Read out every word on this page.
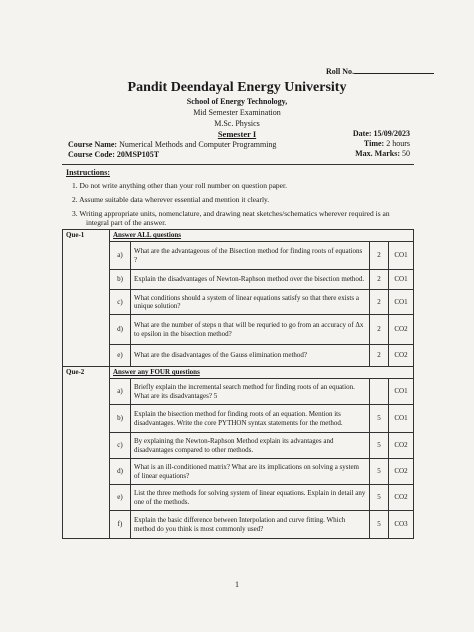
Roll No.
Pandit Deendayal Energy University
School of Energy Technology,
Mid Semester Examination
M.Sc. Physics
Semester I
Course Name: Numerical Methods and Computer Programming
Course Code: 20MSP105T
Date: 15/09/2023
Time: 2 hours
Max. Marks: 50
Instructions:
1. Do not write anything other than your roll number on question paper.
2. Assume suitable data wherever essential and mention it clearly.
3. Writing appropriate units, nomenclature, and drawing neat sketches/schematics wherever required is an integral part of the answer.
Que-1	Answer ALL questions			
	a)	What are the advantageous of the Bisection method for finding roots of equations ?	2	CO1
	b)	Explain the disadvantages of Newton-Raphson method over the bisection method.	2	CO1
	c)	What conditions should a system of linear equations satisfy so that there exists a unique solution?	2	CO1
	d)	What are the number of steps n that will be requried to go from an accuracy of Δx to epsilon in the bisection method?	2	CO2
	e)	What are the disadvantages of the Gauss elimination method?	2	CO2
Que-2	Answer any FOUR questions			
	a)	Briefly explain the incremental search method for finding roots of an equation. What are its disadvantages? 5		CO1
	b)	Explain the bisection method for finding roots of an equation. Mention its disadvantages. Write the core PYTHON syntax statements for the method.	5	CO1
	c)	By explaining the Newton-Raphson Method explain its advantages and disadvantages compared to other methods.	5	CO2
	d)	What is an ill-conditioned matrix? What are its implications on solving a system of linear equations?	5	CO2
	e)	List the three methods for solving system of linear equations. Explain in detail any one of the methods.	5	CO2
	f)	Explain the basic difference between Interpolation and curve fitting. Which method do you think is most commonly used?	5	CO3
1
